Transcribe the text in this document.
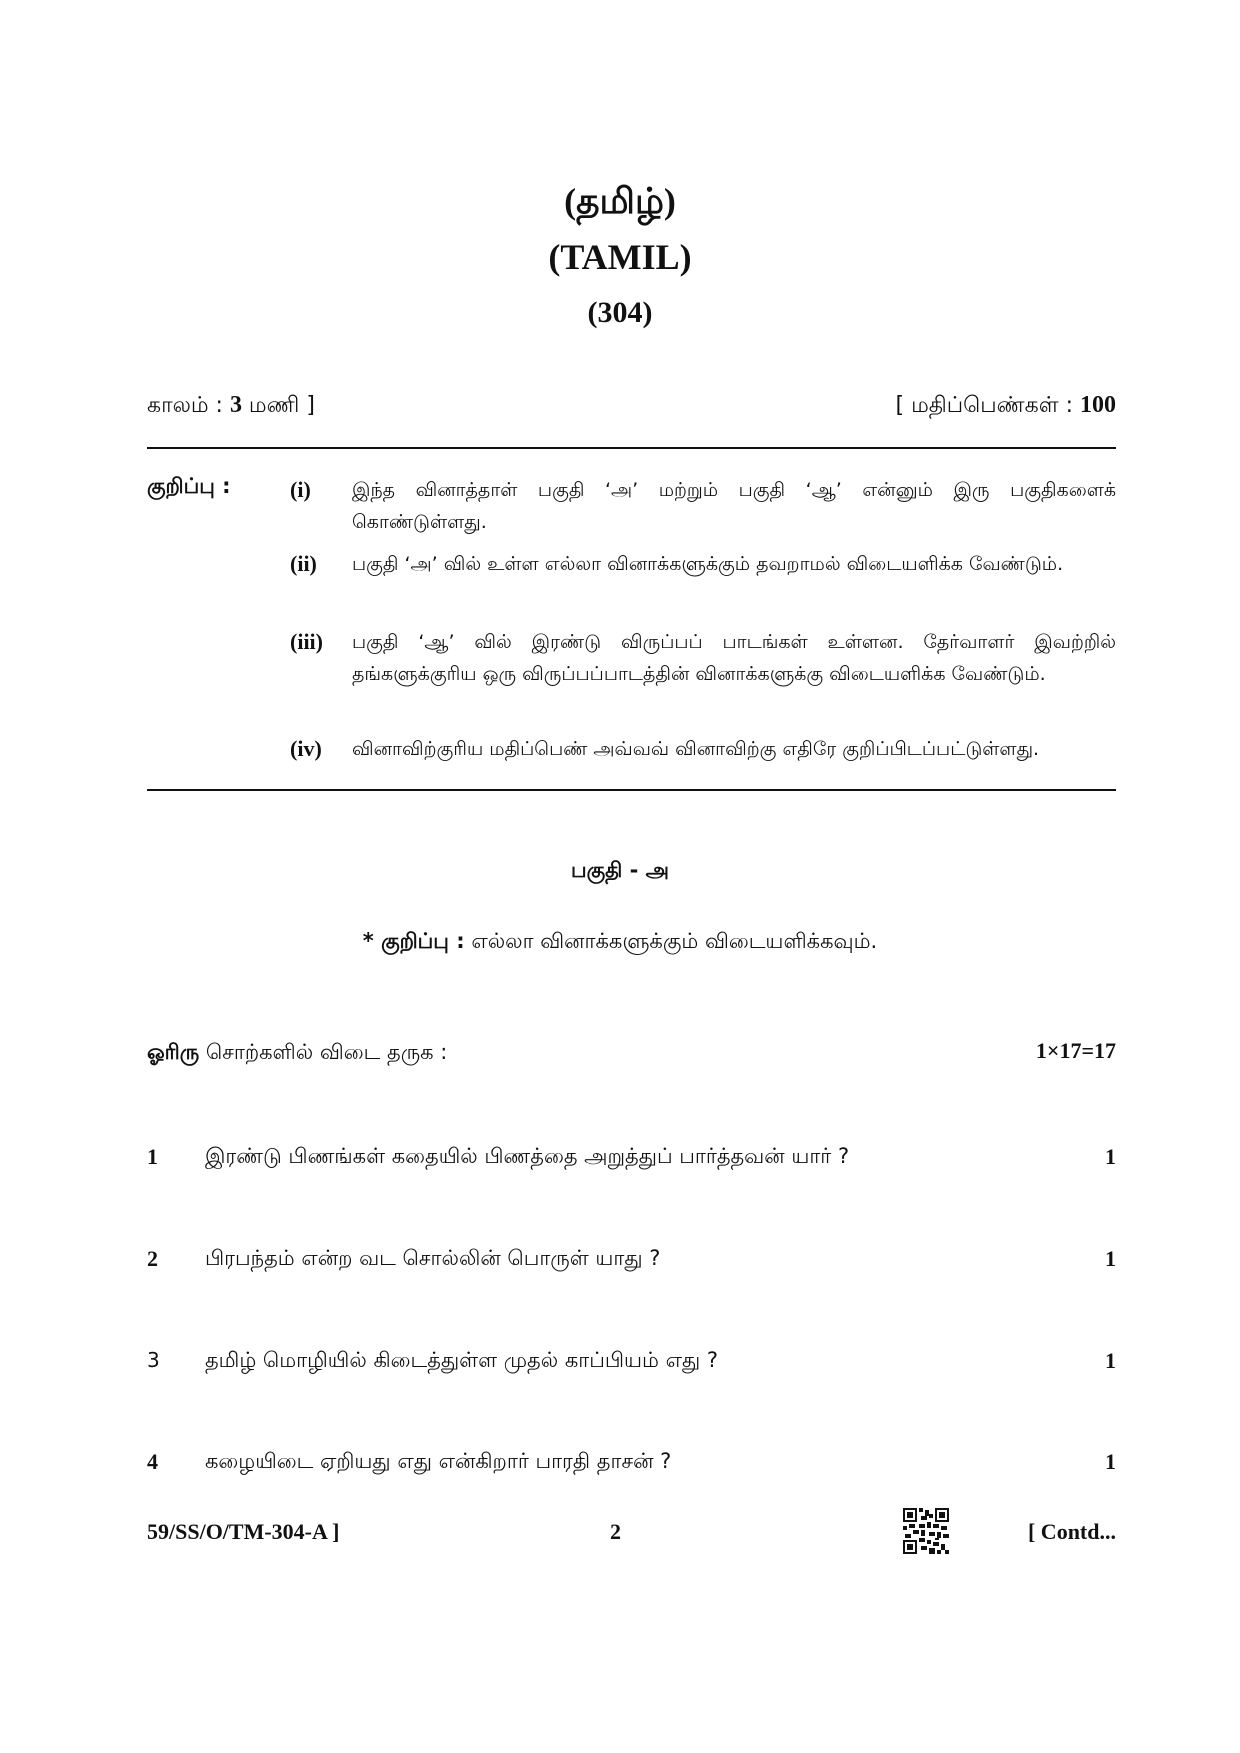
(தமிழ்)
(TAMIL)
(304)
காலம் : 3 மணி ]	[ மதிப்பெண்கள் : 100
குறிப்பு :	(i)	இந்த வினாத்தாள் பகுதி ‘அ’ மற்றும் பகுதி ‘ஆ’ என்னும் இரு பகுதிகளைக் கொண்டுள்ளது.
(ii)	பகுதி ‘அ’ வில் உள்ள எல்லா வினாக்களுக்கும் தவறாமல் விடையளிக்க வேண்டும்.
(iii)	பகுதி ‘ஆ’ வில் இரண்டு விருப்பப் பாடங்கள் உள்ளன. தேர்வாளர் இவற்றில் தங்களுக்குரிய ஒரு விருப்பப்பாடத்தின் வினாக்களுக்கு விடையளிக்க வேண்டும்.
(iv)	வினாவிற்குரிய மதிப்பெண் அவ்வவ் வினாவிற்கு எதிரே குறிப்பிடப்பட்டுள்ளது.
பகுதி - அ
* குறிப்பு : எல்லா வினாக்களுக்கும் விடையளிக்கவும்.
ஓரிரு சொற்களில் விடை தருக :	1×17=17
1 இரண்டு பிணங்கள் கதையில் பிணத்தை அறுத்துப் பார்த்தவன் யார் ?	1
2 பிரபந்தம் என்ற வட சொல்லின் பொருள் யாது ?	1
3 தமிழ் மொழியில் கிடைத்துள்ள முதல் காப்பியம் எது ?	1
4 கழையிடை ஏறியது எது என்கிறார் பாரதி தாசன் ?	1
59/SS/O/TM-304-A ]	2	[ Contd...
